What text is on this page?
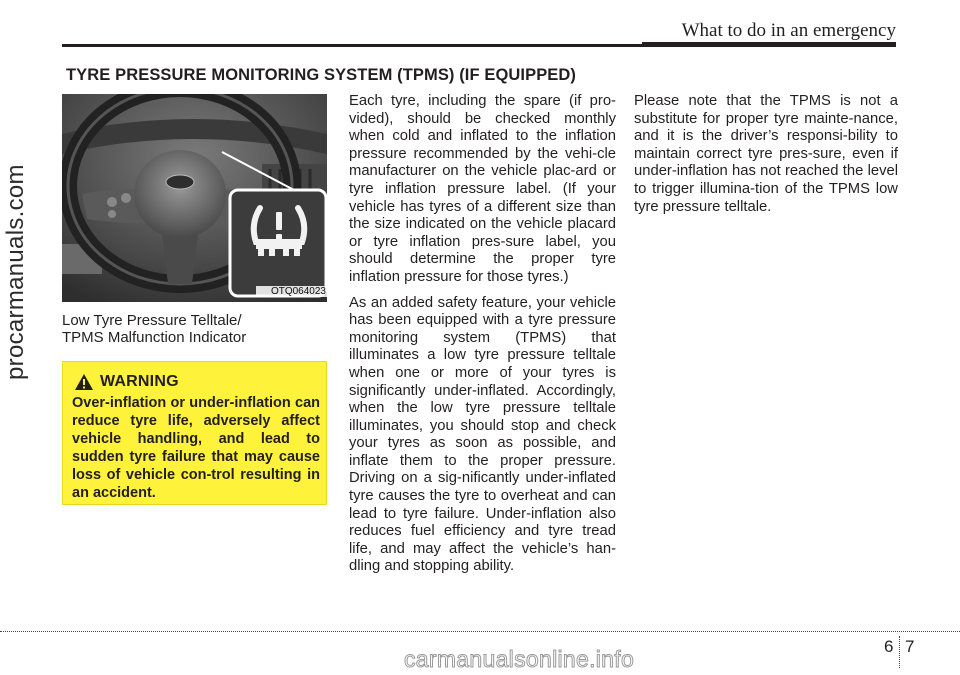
What to do in an emergency
TYRE PRESSURE MONITORING SYSTEM (TPMS) (IF EQUIPPED)
OTQ064023
Low Tyre Pressure Telltale/
TPMS Malfunction Indicator
WARNING
Over-inflation or under-inflation can reduce tyre life, adversely affect vehicle handling, and lead to sudden tyre failure that may cause loss of vehicle con-trol resulting in an accident.

Each tyre, including the spare (if pro-vided), should be checked monthly when cold and inflated to the inflation pressure recommended by the vehi-cle manufacturer on the vehicle plac-ard or tyre inflation pressure label. (If your vehicle has tyres of a different size than the size indicated on the vehicle placard or tyre inflation pres-sure label, you should determine the proper tyre inflation pressure for those tyres.)

As an added safety feature, your vehicle has been equipped with a tyre pressure monitoring system (TPMS) that illuminates a low tyre pressure telltale when one or more of your tyres is significantly under-inflated. Accordingly, when the low tyre pressure telltale illuminates, you should stop and check your tyres as soon as possible, and inflate them to the proper pressure. Driving on a sig-nificantly under-inflated tyre causes the tyre to overheat and can lead to tyre failure. Under-inflation also reduces fuel efficiency and tyre tread life, and may affect the vehicle’s han-dling and stopping ability.

Please note that the TPMS is not a substitute for proper tyre mainte-nance, and it is the driver’s responsi-bility to maintain correct tyre pres-sure, even if under-inflation has not reached the level to trigger illumina-tion of the TPMS low tyre pressure telltale.

6 7
procarmanuals.com
carmanualsonline.info
